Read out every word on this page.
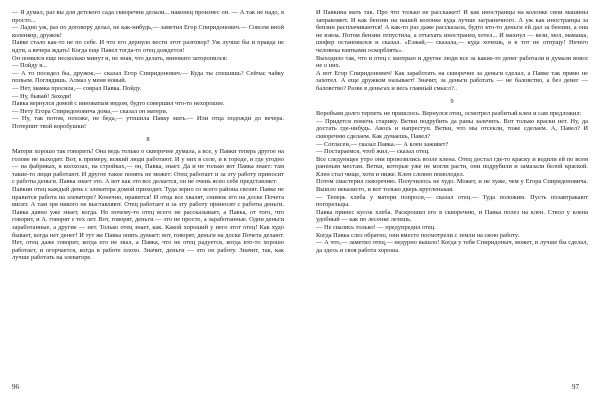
— Я думал, раз вы для детского сада скворечни делали... наконец произнес он. — А так не надо, я просто...

— Ладно уж, раз по договору делал, не как-нибудь,— заметил Егор Спиридонович.— Совсем иной коленкор, дружок!

Павке стало как-то не по себе. И что его дернуло вести этот разговор? Уж лучше бы и правда не идти, а вечера ждать! Когда еще Павел тогда-то отец дождется!

Он помялся еще несколько минут и, не зная, что делать, виновато заторопился:

— Пойду я...

— А то посидел бы, дружок,— сказал Егор Спиридонович.— Куда ты спешишь? Сейчас чайку попьем. Поглядишь. Алмаз у меня новый.

— Нет, мамка просила,— соврал Павка. Пойду.

— Ну, бывай! Заходи!

Павка вернулся домой с виноватым видом, будто совершил что-то нехорошее.

— Нету Егора Спиридоновича дома,— сказал он матери.

— Ну, так потом, похоже, не беда,— утешила Павку мать.— Или отца подожди до вечера. Потерпит твой воробушки!

8

Матери хорошо так говорить! Она ведь только о скворечне думала, а все, у Павки теперь другое на голове не выходит. Вот, к примеру, всякий люди работают. И у них в селе, и в городе, и где угодно — на фабриках, в колхозах, на стройках,— он, Павка, знает. Да и не только вот Павка знает: там такие-то люди работают. И другое такое понять не может: Отец работает и за эту работу приносит с работы деньги. Павка знает это. А вот как это все делается, он не очень ясно себе представляет.

Павкин отец каждый день с элеватора домой приходит. Туда зерно со всего района свозят. Павке не нравится работа на элеваторе? Конечно, нравится! И отца все хвалят, снимок его на доске Почета висит. А там зря никого не выставляют. Отец работает и за эту работу приносит с работы деньги. Павка давно уже знает, когда. Но почему-то отец всего не рассказывает, а Павка, от того, что говорит, и А. говорят с тех лет. Вот, говорят, деньги — это не просто, а заработанные. Одни деньги заработанные, а другие — нет. Только отец знает, как. Какой хороший у него этот отец! Как худо бывает, когда нет денег! И тут же Павка опять думает: вот, говорят, деньги на доске Почета делают. Нет, отец даже говорит, когда его не звал, а Павка, что не отец радуется, когда кто-то хорошо работает, и огорчается, когда в работе плохо. Значит, деньги — это он работу. Значит, так, как лучше работать на элеваторе.

96

И Павкина мать так. Про что только не расскажет! И как иностранцы на колонке свои машины заправляют. И как бензин на нашей колонке куда лучше заграничного. А уж как иностранцы за бензин расплачиваются! А как-то раз даже рассказала, будто кто-то деньги ей дал за бензин, а она не взяла. Потом бензин отпустила, а отъехать иностранец хотел... И махнул — вези, мол, мамаша, шофер остановился и сказал. «Езжай,— сказала,— куда хочешь, я в тот не отпущу! Нечего человека взятками оскорблять».

Выходило так, что и отец с матерью и другие люди все за какие-то денег работали и думали вовсе не о них.

А вот Егор Спиридонович! Как заработать на скворечне за деньги сделал, а Павке так прямо не захотел. А еще дружком называет! Значит, за деньги работать — не баловство, а без денег — баловство? Разве в деньгах и весь главный смысл?..

9

Воробьям долго терпеть не пришлось. Вернулся отец, осмотрел разбитый клен и сам предложил:

— Придется помочь старику. Ветки подрубить да раны залечить. Вот только краски нет. Ну, да достать где-нибудь. Авось и напреступ. Ветки, что мы отсекли, тоже сделаем. А, Павел? И скворечню сделаем. Как думаешь, Павел?

— Согласен,— сказал Павка.— А клен заживет?

— Постараемся, чтоб жил,— сказал отец.

Все следующее утро они провозились возле клена. Отец достал где-то краску и водили ей по всем раненым местам. Ветки, которые уже не могли расти, они подрубили и замазали белой краской. Клен стал чище, хотя и ниже. Клен словно помолодел.

Потом смастерил скворечню. Получилось не худо. Может, и не хуже, чем у Егора Спиридоновича. Вышло неказисто, и вот только дверь кругленькая.

— Теперь хлеба у матери попроси,— сказал отец.— Туда положим. Пусть позавтракают погорельцы.

Павка принес кусок хлеба. Раскрошил его в скворечню, и Павка полез на клен. Ствол у клена удобный — как по лесенке лезешь.

— Не свались только! — предупредил отец.

Когда Павка слез обратно, они вместе посмотрели с земли на свою работу.

— А что,— заметил отец,— недурно вышло! Когда у тебя Спиридоныч, может, и лучше бы сделал, да здесь и своя работа хороша.

97
